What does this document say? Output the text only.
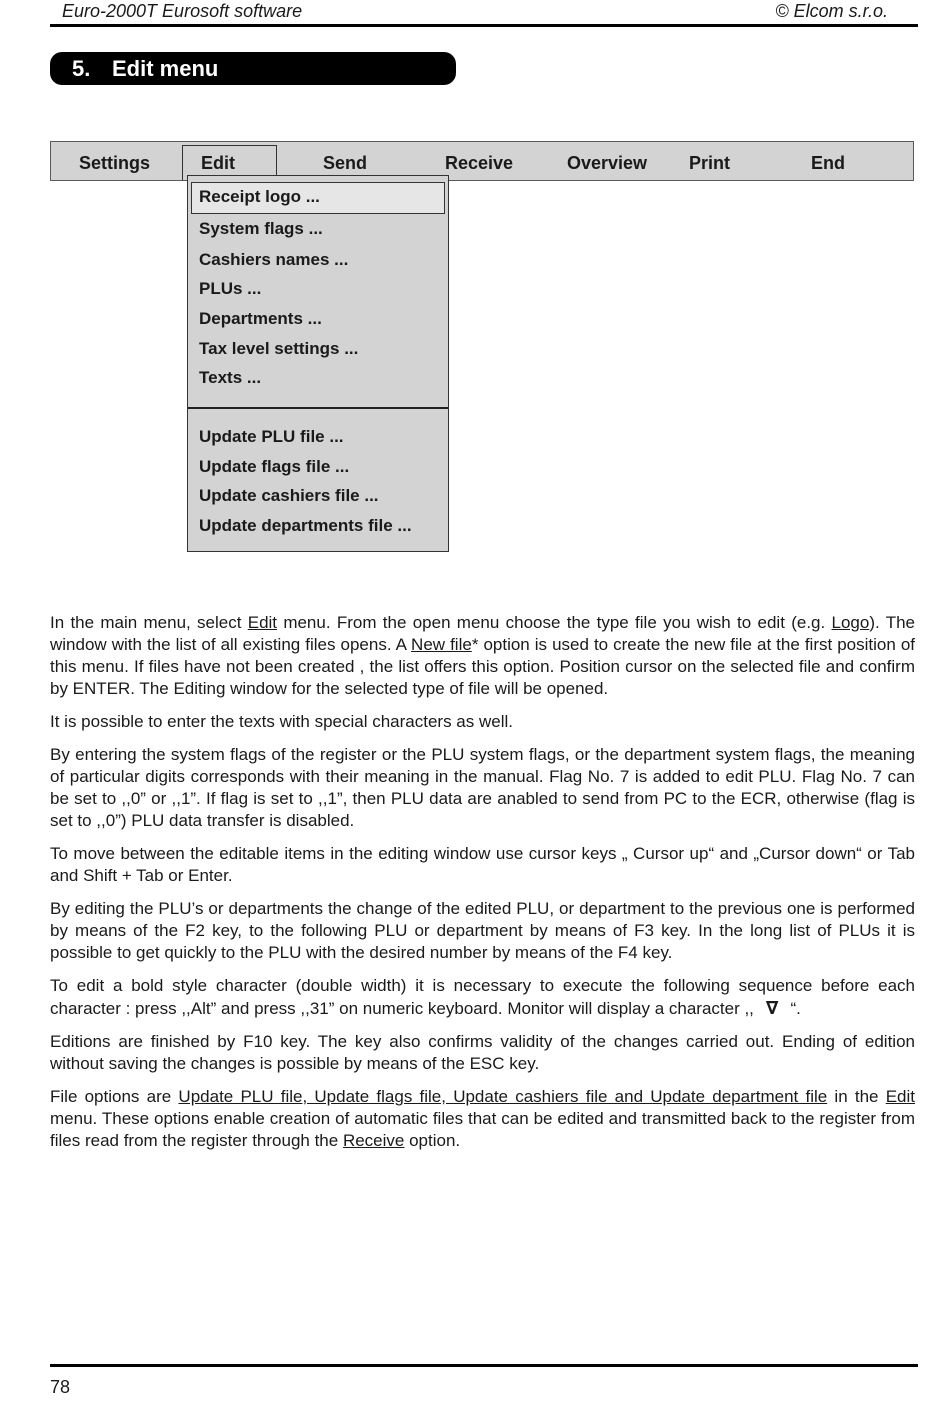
Euro-2000T Eurosoft software	© Elcom s.r.o.
5. Edit menu
Settings	Edit	Send	Receive	Overview Print	End
Receipt logo ...
System flags ...
Cashiers names ...
PLUs ...
Departments ...
Tax level settings ...
Texts ...
Update PLU file ...
Update flags file ...
Update cashiers file ...
Update departments file ...

In the main menu, select Edit menu. From the open menu choose the type file you wish to edit (e.g. Logo). The window with the list of all existing files opens. A New file* option is used to create the new file at the first position of this menu. If files have not been created , the list offers this option. Position cursor on the selected file and confirm by ENTER. The Editing window for the selected type of file will be opened.

It is possible to enter the texts with special characters as well.

By entering the system flags of the register or the PLU system flags, or the department system flags, the meaning of particular digits corresponds with their meaning in the manual. Flag No. 7 is added to edit PLU. Flag No. 7 can be set to ,,0” or ,,1”. If flag is set to ,,1”, then PLU data are anabled to send from PC to the ECR, otherwise (flag is set to ,,0”) PLU data transfer is disabled.

To move between the editable items in the editing window use cursor keys „ Cursor up“ and „Cursor down“ or Tab and Shift + Tab or Enter.

By editing the PLU’s or departments the change of the edited PLU, or department to the previous one is performed by means of the F2 key, to the following PLU or department by means of F3 key. In the long list of PLUs it is possible to get quickly to the PLU with the desired number by means of the F4 key.

To edit a bold style character (double width) it is necessary to execute the following sequence before each character : press ,,Alt” and press ,,31” on numeric keyboard. Monitor will display a character ,, ∇ “.

Editions are finished by F10 key. The key also confirms validity of the changes carried out. Ending of edition without saving the changes is possible by means of the ESC key.

File options are Update PLU file, Update flags file, Update cashiers file and Update department file in the Edit menu. These options enable creation of automatic files that can be edited and transmitted back to the register from files read from the register through the Receive option.

78
